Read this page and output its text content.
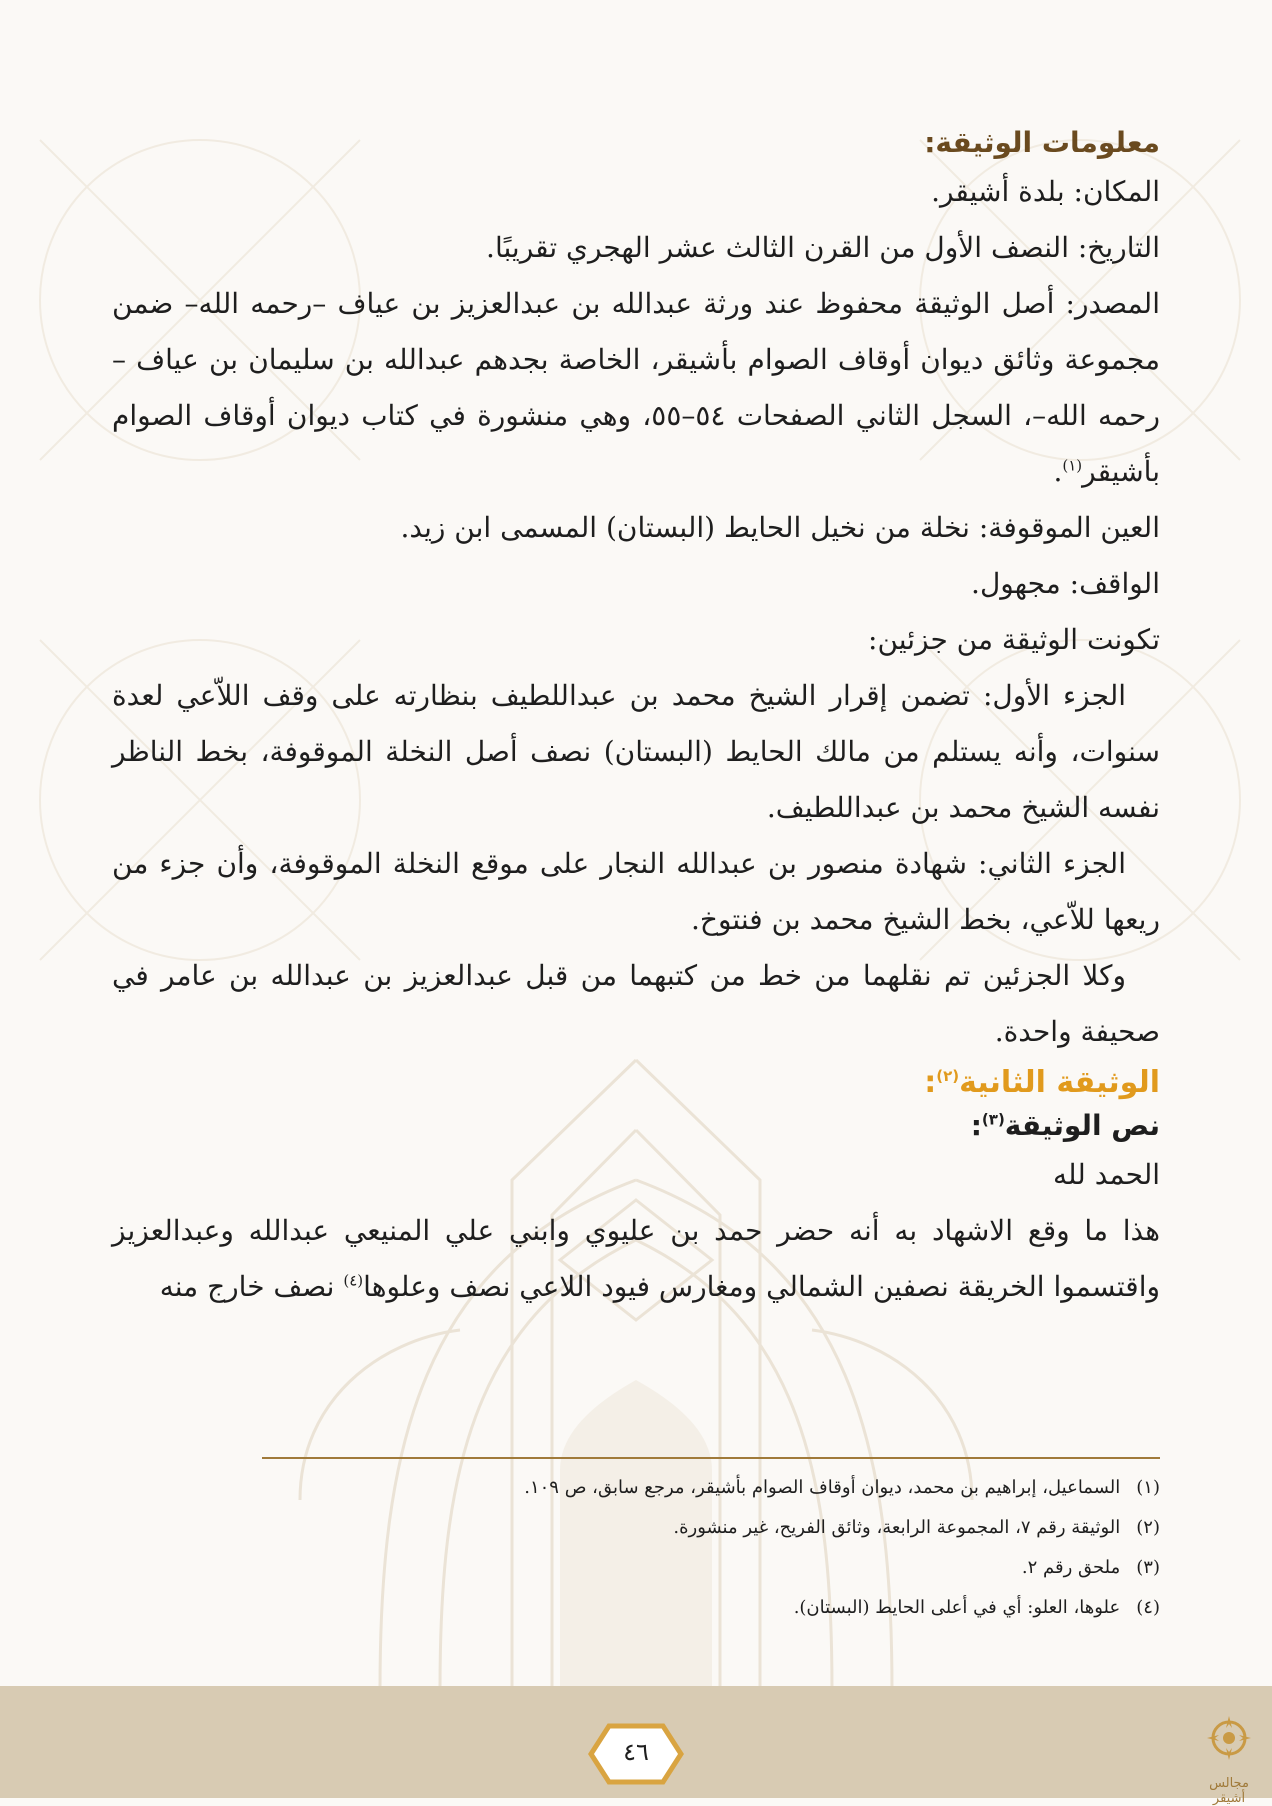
معلومات الوثيقة:

المكان: بلدة أشيقر.

التاريخ: النصف الأول من القرن الثالث عشر الهجري تقريبًا.

المصدر: أصل الوثيقة محفوظ عند ورثة عبدالله بن عبدالعزيز بن عياف –رحمه الله– ضمن مجموعة وثائق ديوان أوقاف الصوام بأشيقر، الخاصة بجدهم عبدالله بن سليمان بن عياف –رحمه الله–، السجل الثاني الصفحات ٥٤–٥٥، وهي منشورة في كتاب ديوان أوقاف الصوام بأشيقر$^{(١)}$.

العين الموقوفة: نخلة من نخيل الحايط (البستان) المسمى ابن زيد.

الواقف: مجهول.

تكونت الوثيقة من جزئين:

الجزء الأول: تضمن إقرار الشيخ محمد بن عبداللطيف بنظارته على وقف اللاّعي لعدة سنوات، وأنه يستلم من مالك الحايط (البستان) نصف أصل النخلة الموقوفة، بخط الناظر نفسه الشيخ محمد بن عبداللطيف.

الجزء الثاني: شهادة منصور بن عبدالله النجار على موقع النخلة الموقوفة، وأن جزء من ريعها للاّعي، بخط الشيخ محمد بن فنتوخ.

وكلا الجزئين تم نقلهما من خط من كتبهما من قبل عبدالعزيز بن عبدالله بن عامر في صحيفة واحدة.

الوثيقة الثانية$^{(٢)}$:

نص الوثيقة$^{(٣)}$:

الحمد لله

هذا ما وقع الاشهاد به أنه حضر حمد بن عليوي وابني علي المنيعي عبدالله وعبدالعزيز واقتسموا الخريقة نصفين الشمالي ومغارس فيود اللاعي نصف وعلوها$^{(٤)}$ نصف خارج منه

(١) السماعيل، إبراهيم بن محمد، ديوان أوقاف الصوام بأشيقر، مرجع سابق، ص ١٠٩.

(٢) الوثيقة رقم ٧، المجموعة الرابعة، وثائق الفريح، غير منشورة.

(٣) ملحق رقم ٢.

(٤) علوها، العلو: أي في أعلى الحايط (البستان).

٤٦
مجالس أشيقر
